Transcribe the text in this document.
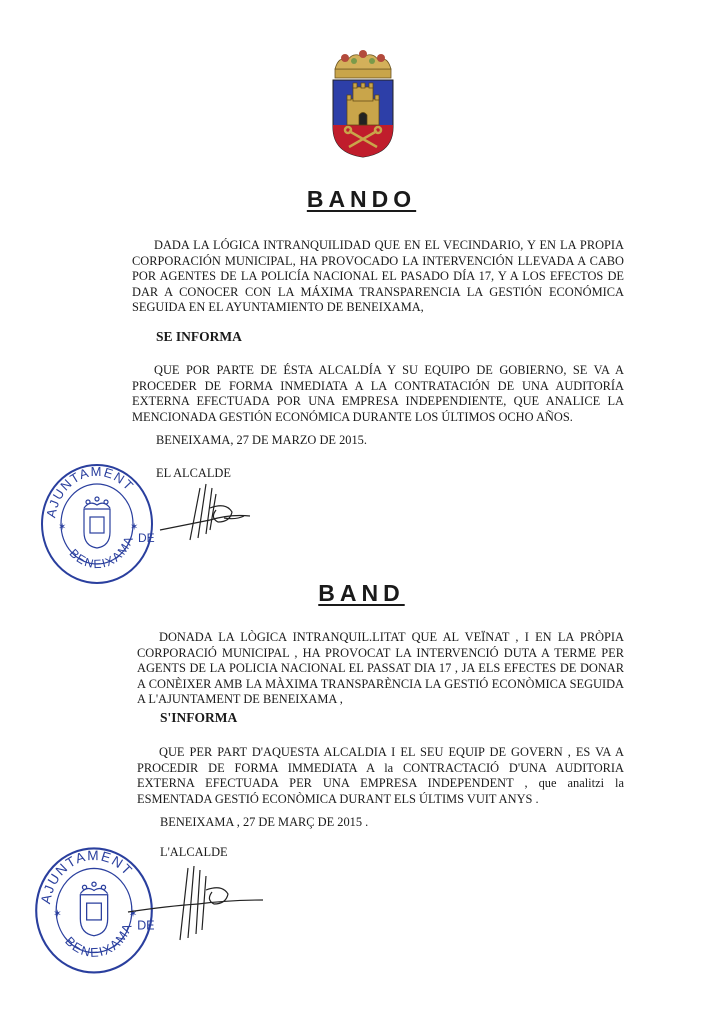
BANDO

DADA LA LÓGICA INTRANQUILIDAD QUE EN EL VECINDARIO, Y EN LA PROPIA CORPORACIÓN MUNICIPAL, HA PROVOCADO LA INTERVENCIÓN LLEVADA A CABO POR AGENTES DE LA POLICÍA NACIONAL EL PASADO DÍA 17, Y A LOS EFECTOS DE DAR A CONOCER CON LA MÁXIMA TRANSPARENCIA LA GESTIÓN ECONÓMICA SEGUIDA EN EL AYUNTAMIENTO DE BENEIXAMA,

SE INFORMA

QUE POR PARTE DE ÉSTA ALCALDÍA Y SU EQUIPO DE GOBIERNO, SE VA A PROCEDER DE FORMA INMEDIATA A LA CONTRATACIÓN DE UNA AUDITORÍA EXTERNA EFECTUADA POR UNA EMPRESA INDEPENDIENTE, QUE ANALICE LA MENCIONADA GESTIÓN ECONÓMICA DURANTE LOS ÚLTIMOS OCHO AÑOS.

BENEIXAMA, 27 DE MARZO DE 2015.

EL ALCALDE

AJUNTAMENT
BENEIXAMA DE
✶	✶
BAND

DONADA LA LÒGICA INTRANQUIL.LITAT QUE AL VEÏNAT , I EN LA PRÒPIA CORPORACIÓ MUNICIPAL , HA PROVOCAT LA INTERVENCIÓ DUTA A TERME PER AGENTS DE LA POLICIA NACIONAL EL PASSAT DIA 17 , JA ELS EFECTES DE DONAR A CONÈIXER AMB LA MÀXIMA TRANSPARÈNCIA LA GESTIÓ ECONÒMICA SEGUIDA A L'AJUNTAMENT DE BENEIXAMA ,

S'INFORMA

QUE PER PART D'AQUESTA ALCALDIA I EL SEU EQUIP DE GOVERN , ES VA A PROCEDIR DE FORMA IMMEDIATA A la CONTRACTACIÓ D'UNA AUDITORIA EXTERNA EFECTUADA PER UNA EMPRESA INDEPENDENT , que analitzi la ESMENTADA GESTIÓ ECONÒMICA DURANT ELS ÚLTIMS VUIT ANYS .

BENEIXAMA , 27 DE MARÇ DE 2015 .

L'ALCALDE

AJUNTAMENT
BENEIXAMA DE
✶	✶
